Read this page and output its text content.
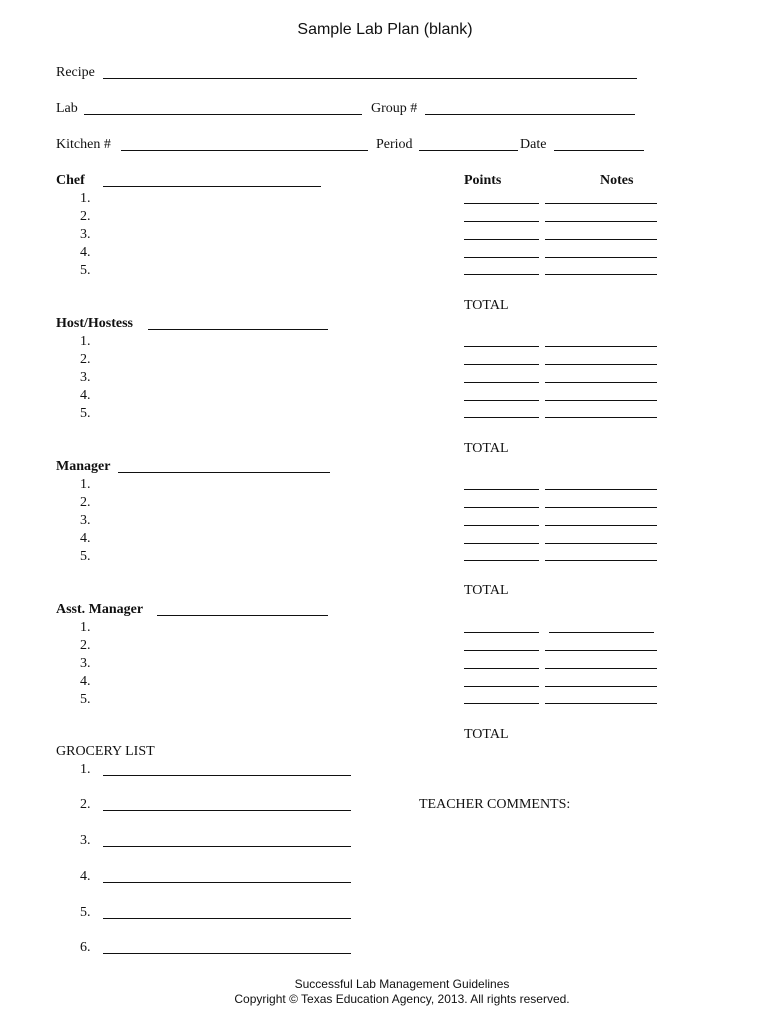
Sample Lab Plan (blank)
Recipe
Lab	Group #
Kitchen #	Period	Date
Points	Notes
Chef
1.
2.
3.
4.
5.
TOTAL
Host/Hostess
1.
2.
3.
4.
5.
TOTAL
Manager
1.
2.
3.
4.
5.
TOTAL
Asst. Manager
1.
2.
3.
4.
5.
TOTAL
GROCERY LIST
1.
2.
3.
4.
5.
6.
TEACHER COMMENTS:
Successful Lab Management Guidelines
Copyright © Texas Education Agency, 2013. All rights reserved.
